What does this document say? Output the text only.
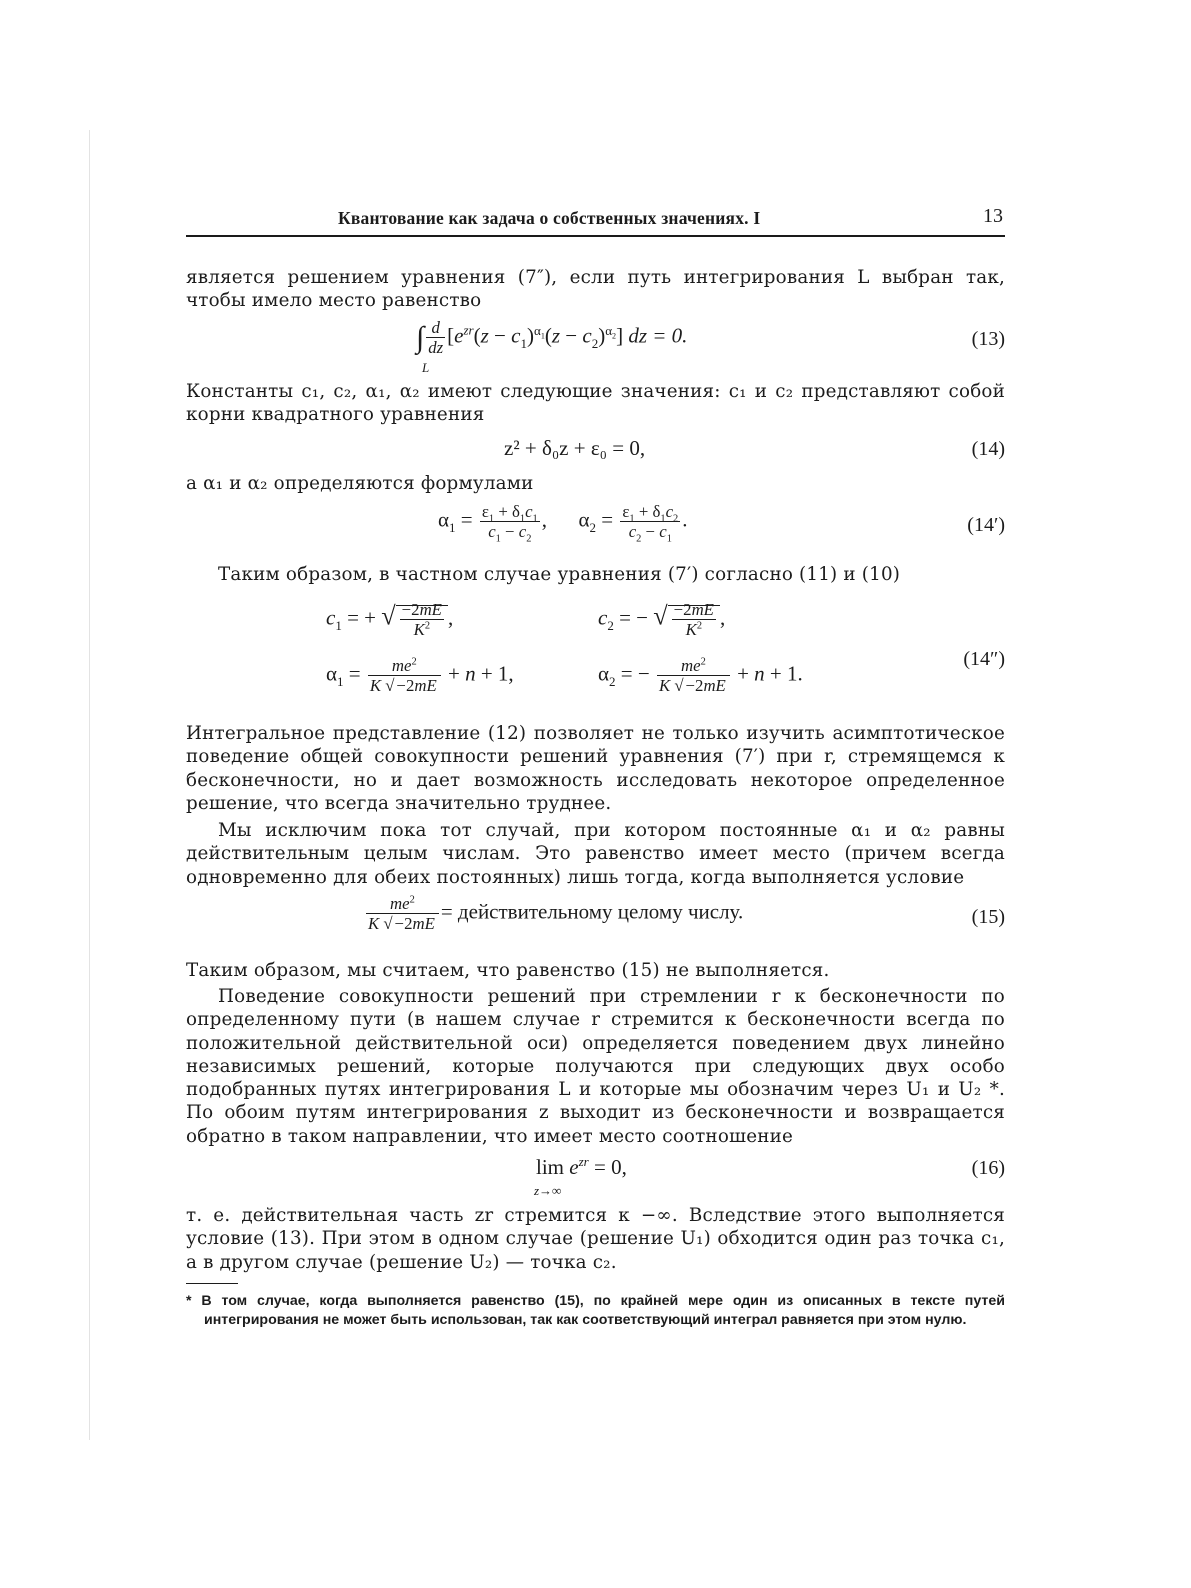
Квантование как задача о собственных значениях. I	13

является решением уравнения (7″), если путь интегрирования L выбран так, чтобы имело место равенство

∫ $\frac{d}{dz} [e^{zr}(z - c_1)^{\alpha_1}(z - c_2)^{\alpha_2}]$ dz = 0.
L
(13)

Константы c₁, c₂, α₁, α₂ имеют следующие значения: c₁ и c₂ представляют собой корни квадратного уравнения

z² + δ₀z + ε₀ = 0,	(14)

а α₁ и α₂ определяются формулами

$\alpha_1 = \frac{\varepsilon_1 + \delta_1c_1}{c_1 - c_2}$ ,      $\alpha_2 = \frac{\varepsilon_1 + \delta_1c_2}{c_2 - c_1}$ .	(14′)

Таким образом, в частном случае уравнения (7′) согласно (11) и (10)

$c_1$ = + √ $\frac{-2mE}{K^2}$ ,	$c_2$ = − √ $\frac{-2mE}{K^2}$ ,
$\alpha_1 = \frac{me^2}{K √ -2mE} + n + 1$,	$\alpha_2$ = − $\frac{me^2}{K √ -2mE} + n + 1$.
(14″)

Интегральное представление (12) позволяет не только изучить асимптотическое поведение общей совокупности решений уравнения (7′) при r, стремящемся к бесконечности, но и дает возможность исследовать некоторое определенное решение, что всегда значительно труднее.

Мы исключим пока тот случай, при котором постоянные α₁ и α₂ равны действительным целым числам. Это равенство имеет место (причем всегда одновременно для обеих постоянных) лишь тогда, когда выполняется условие

$\frac{me^2}{K √ -2mE}$ = действительному целому числу.	(15)

Таким образом, мы считаем, что равенство (15) не выполняется.

Поведение совокупности решений при стремлении r к бесконечности по определенному пути (в нашем случае r стремится к бесконечности всегда по положительной действительной оси) определяется поведением двух линейно независимых решений, которые получаются при следующих двух особо подобранных путях интегрирования L и которые мы обозначим через U₁ и U₂ *. По обоим путям интегрирования z выходит из бесконечности и возвращается обратно в таком направлении, что имеет место соотношение

$\lim e^{zr} = 0$,
z→∞
(16)

т. е. действительная часть zr стремится к −∞. Вследствие этого выполняется условие (13). При этом в одном случае (решение U₁) обходится один раз точка c₁, а в другом случае (решение U₂) — точка c₂.

* В том случае, когда выполняется равенство (15), по крайней мере один из описанных в тексте путей интегрирования не может быть использован, так как соответствующий интеграл равняется при этом нулю.
